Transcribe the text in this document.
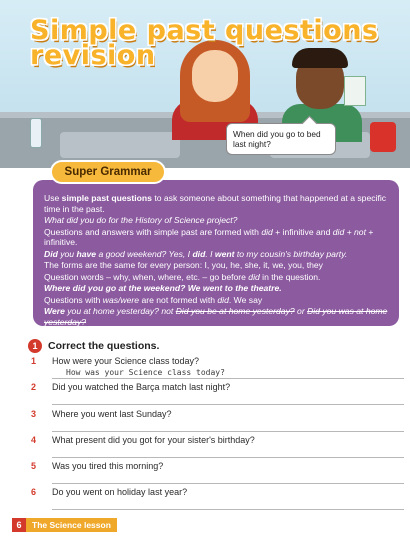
Simple past questions
revision
When did you go to bed last night?
Super Grammar

Use simple past questions to ask someone about something that happened at a specific time in the past.

What did you do for the History of Science project?

Questions and answers with simple past are formed with did + infinitive and did + not + infinitive.

Did you have a good weekend? Yes, I did. I went to my cousin's birthday party.

The forms are the same for every person: I, you, he, she, it, we, you, they

Question words – why, when, where, etc. – go before did in the question.

Where did you go at the weekend? We went to the theatre.

Questions with was/were are not formed with did. We say

Were you at home yesterday? not Did you be at home yesterday? or Did you was at home yesterday?

1	Correct the questions.
1 How were your Science class today?
How was your Science class today?
2 Did you watched the Barça match last night?
3 Where you went last Sunday?
4 What present did you got for your sister's birthday?
5 Was you tired this morning?
6 Do you went on holiday last year?
6	The Science lesson
